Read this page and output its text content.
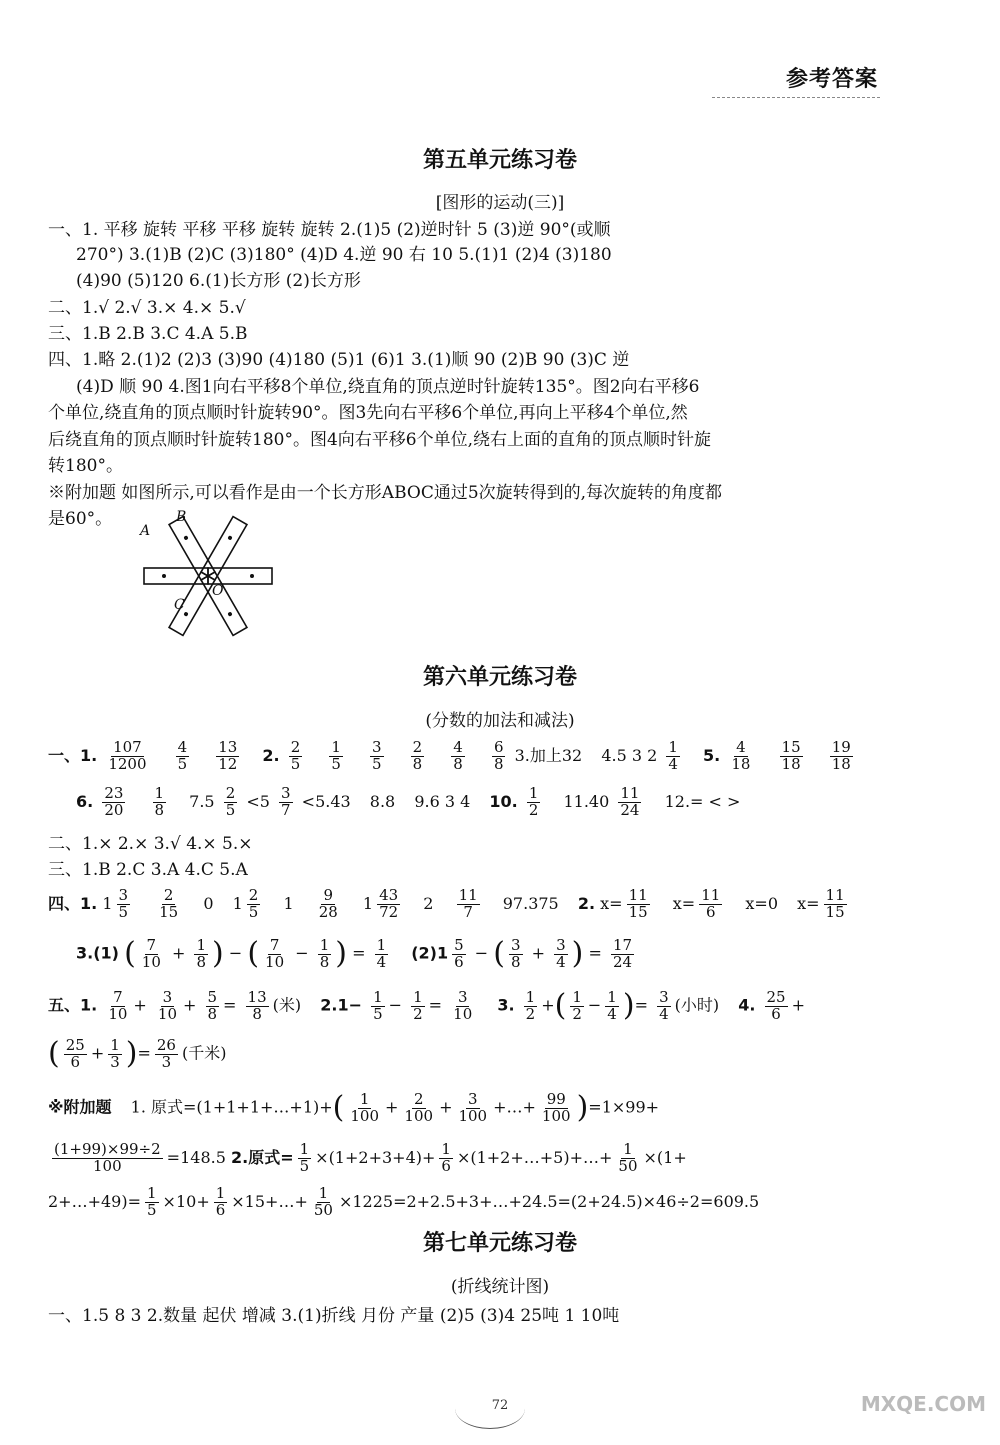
参考答案
第五单元练习卷
[图形的运动(三)]
一、1. 平移 旋转 平移 平移 旋转 旋转 2.(1)5 (2)逆时针 5 (3)逆 90°(或顺
270°) 3.(1)B (2)C (3)180° (4)D 4.逆 90 右 10 5.(1)1 (2)4 (3)180
(4)90 (5)120 6.(1)长方形 (2)长方形
二、1.√ 2.√ 3.× 4.× 5.√
三、1.B 2.B 3.C 4.A 5.B
四、1.略 2.(1)2 (2)3 (3)90 (4)180 (5)1 (6)1 3.(1)顺 90 (2)B 90 (3)C 逆
(4)D 顺 90 4.图1向右平移8个单位,绕直角的顶点逆时针旋转135°。图2向右平移6
个单位,绕直角的顶点顺时针旋转90°。图3先向右平移6个单位,再向上平移4个单位,然
后绕直角的顶点顺时针旋转180°。图4向右平移6个单位,绕右上面的直角的顶点顺时针旋
转180°。
※附加题 如图所示,可以看作是由一个长方形ABOC通过5次旋转得到的,每次旋转的角度都
是60°。
A
B
C
O
第六单元练习卷
(分数的加法和减法)
一、1. $\frac{107}{1200}$
$\frac{4}{5}$
$\frac{13}{12} 2$. $\frac{2}{5}$
$\frac{1}{5}$
$\frac{3}{5}$
$\frac{2}{8}$
$\frac{4}{8}$
$\frac{6}{8} 3$.加上32 4.5 3 $2 \frac{1}{4} 5$. $\frac{4}{18}$
$\frac{15}{18}$
$\frac{19}{18}$
6. $\frac{23}{20}$
$\frac{1}{8} 7.5 \frac{2}{5} <5 \frac{3}{7} <5.43$ 8.8 9.6 3 4 10. $\frac{1}{2} 11.40 \frac{11}{24} 12.=$ < >
二、1.× 2.× 3.√ 4.× 5.×
三、1.B 2.C 3.A 4.C 5.A
四、1. $1 \frac{3}{5}$
$\frac{2}{15} 0$ $1 \frac{2}{5} 1 \frac{9}{28} 1 \frac{43}{72} 2 \frac{11}{7} 97.375$ 2. $x= \frac{11}{15} x= \frac{11}{6} x=0$ $x= \frac{11}{15}$
3.(1) ( $\frac{7}{10} + \frac{1}{8}$ ) − ( $\frac{7}{10} - \frac{1}{8}$ ) = $\frac{1}{4} (2)1 \frac{5}{6}$ − ( $\frac{3}{8} + \frac{3}{4}$ ) = $\frac{17}{24}$
五、1. $\frac{7}{10} + \frac{3}{10} + \frac{5}{8} = \frac{13}{8}$ (米) $2.1- \frac{1}{5} - \frac{1}{2} = \frac{3}{10} 3$. $\frac{1}{2}$ +( $\frac{1}{2} - \frac{1}{4}$ )= $\frac{3}{4}$ (小时) 4. $\frac{25}{6}$ +
( $\frac{25}{6} + \frac{1}{3}$ )= $\frac{26}{3}$ (千米)
※附加题 1. 原式=(1+1+1+…+1)+( $\frac{1}{100} + \frac{2}{100} + \frac{3}{100}$ +…+ $\frac{99}{100} )=1\times 99+$
$\frac{(1+99)\times 99\div 2}{100} =148.5$ 2.原式= $\frac{1}{5} \times(1+2+3+4)+ \frac{1}{6}$ ×(1+2+…+5)+…+ $\frac{1}{50} \times(1+$
2+…+49)= $\frac{1}{5} \times 10+ \frac{1}{6}$ ×15+…+ $\frac{1}{50}$ ×1225=2+2.5+3+…+24.5=(2+24.5)×46÷2=609.5
第七单元练习卷
(折线统计图)
一、1.5 8 3 2.数量 起伏 增减 3.(1)折线 月份 产量 (2)5 (3)4 25吨 1 10吨
72	MXQE.COM
